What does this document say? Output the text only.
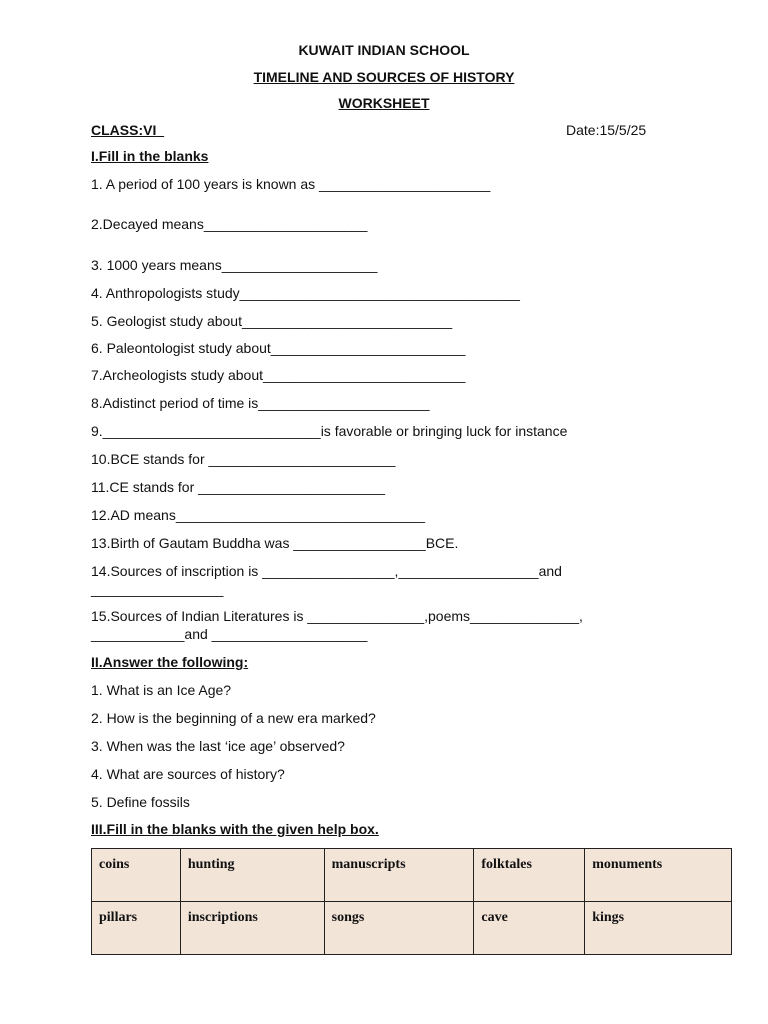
KUWAIT INDIAN SCHOOL
TIMELINE AND SOURCES OF HISTORY
WORKSHEET
CLASS:VI	Date:15/5/25
I.Fill in the blanks
1. A period of 100 years is known as ______________________
2.Decayed means_____________________
3. 1000 years means____________________
4. Anthropologists study____________________________________
5. Geologist study about___________________________
6. Paleontologist study about_________________________
7.Archeologists study about__________________________
8.Adistinct period of time is______________________
9.____________________________is favorable or bringing luck for instance
10.BCE stands for ________________________
11.CE stands for ________________________
12.AD means________________________________
13.Birth of Gautam Buddha was _________________BCE.
14.Sources of inscription is _________________,__________________and
_________________
15.Sources of Indian Literatures is _______________,poems______________,
____________and ____________________
II.Answer the following:
1. What is an Ice Age?
2. How is the beginning of a new era marked?
3. When was the last ‘ice age’ observed?
4. What are sources of history?
5. Define fossils
III.Fill in the blanks with the given help box.
coins	hunting	manuscripts	folktales	monuments
pillars	inscriptions	songs	cave	kings
